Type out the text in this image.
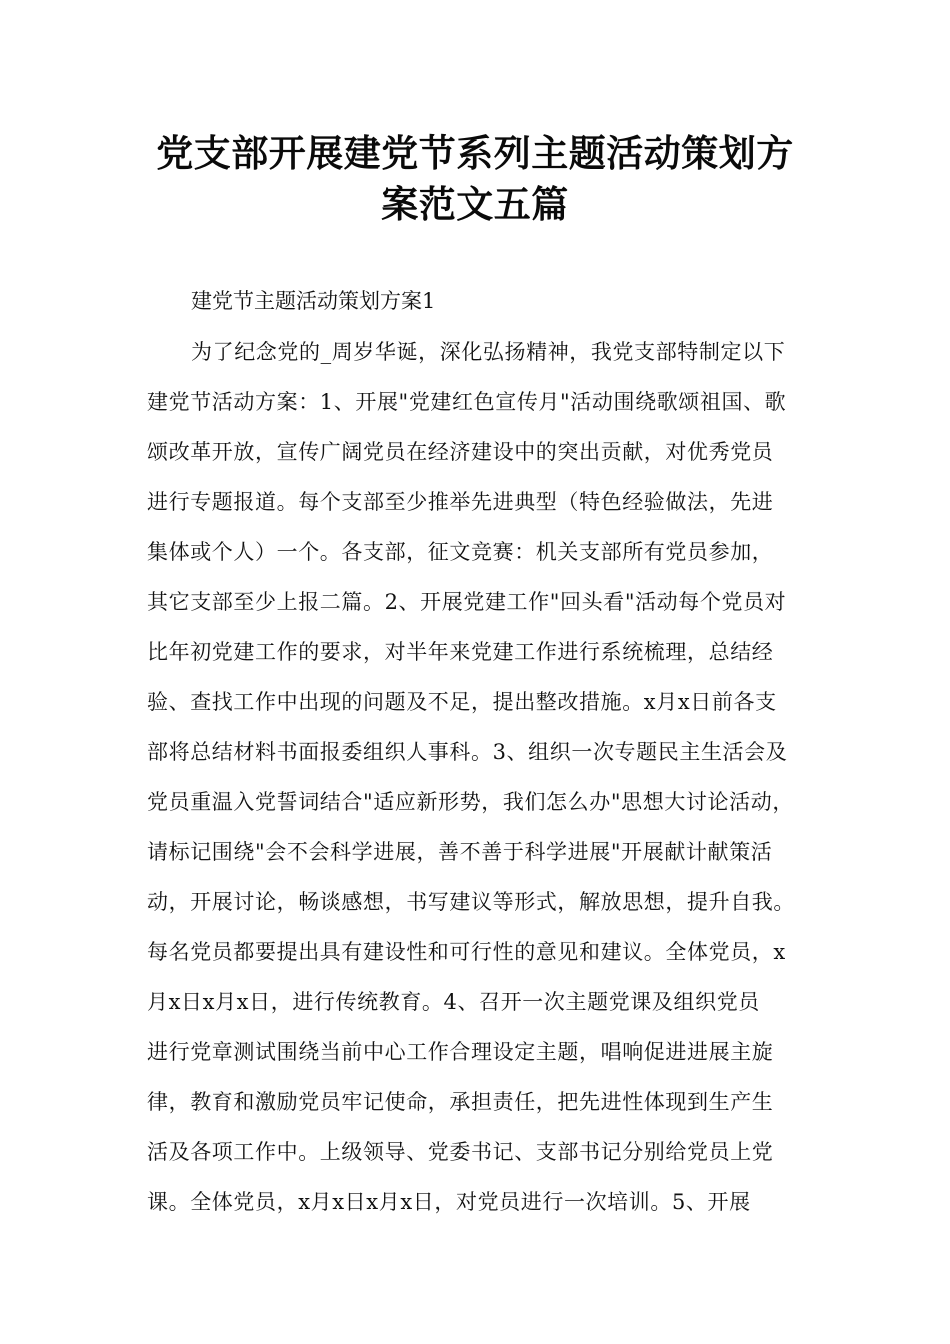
党支部开展建党节系列主题活动策划方
案范文五篇
建党节主题活动策划方案1
为了纪念党的_周岁华诞，深化弘扬精神，我党支部特制定以下
建党节活动方案：1、开展"党建红色宣传月"活动围绕歌颂祖国、歌
颂改革开放，宣传广阔党员在经济建设中的突出贡献，对优秀党员
进行专题报道。每个支部至少推举先进典型（特色经验做法，先进
集体或个人）一个。各支部，征文竞赛：机关支部所有党员参加，
其它支部至少上报二篇。2、开展党建工作"回头看"活动每个党员对
比年初党建工作的要求，对半年来党建工作进行系统梳理，总结经
验、查找工作中出现的问题及不足，提出整改措施。x月x日前各支
部将总结材料书面报委组织人事科。3、组织一次专题民主生活会及
党员重温入党誓词结合"适应新形势，我们怎么办"思想大讨论活动，
请标记围绕"会不会科学进展，善不善于科学进展"开展献计献策活
动，开展讨论，畅谈感想，书写建议等形式，解放思想，提升自我。
每名党员都要提出具有建设性和可行性的意见和建议。全体党员，x
月x日x月x日，进行传统教育。4、召开一次主题党课及组织党员
进行党章测试围绕当前中心工作合理设定主题，唱响促进进展主旋
律，教育和激励党员牢记使命，承担责任，把先进性体现到生产生
活及各项工作中。上级领导、党委书记、支部书记分别给党员上党
课。全体党员，x月x日x月x日，对党员进行一次培训。5、开展
